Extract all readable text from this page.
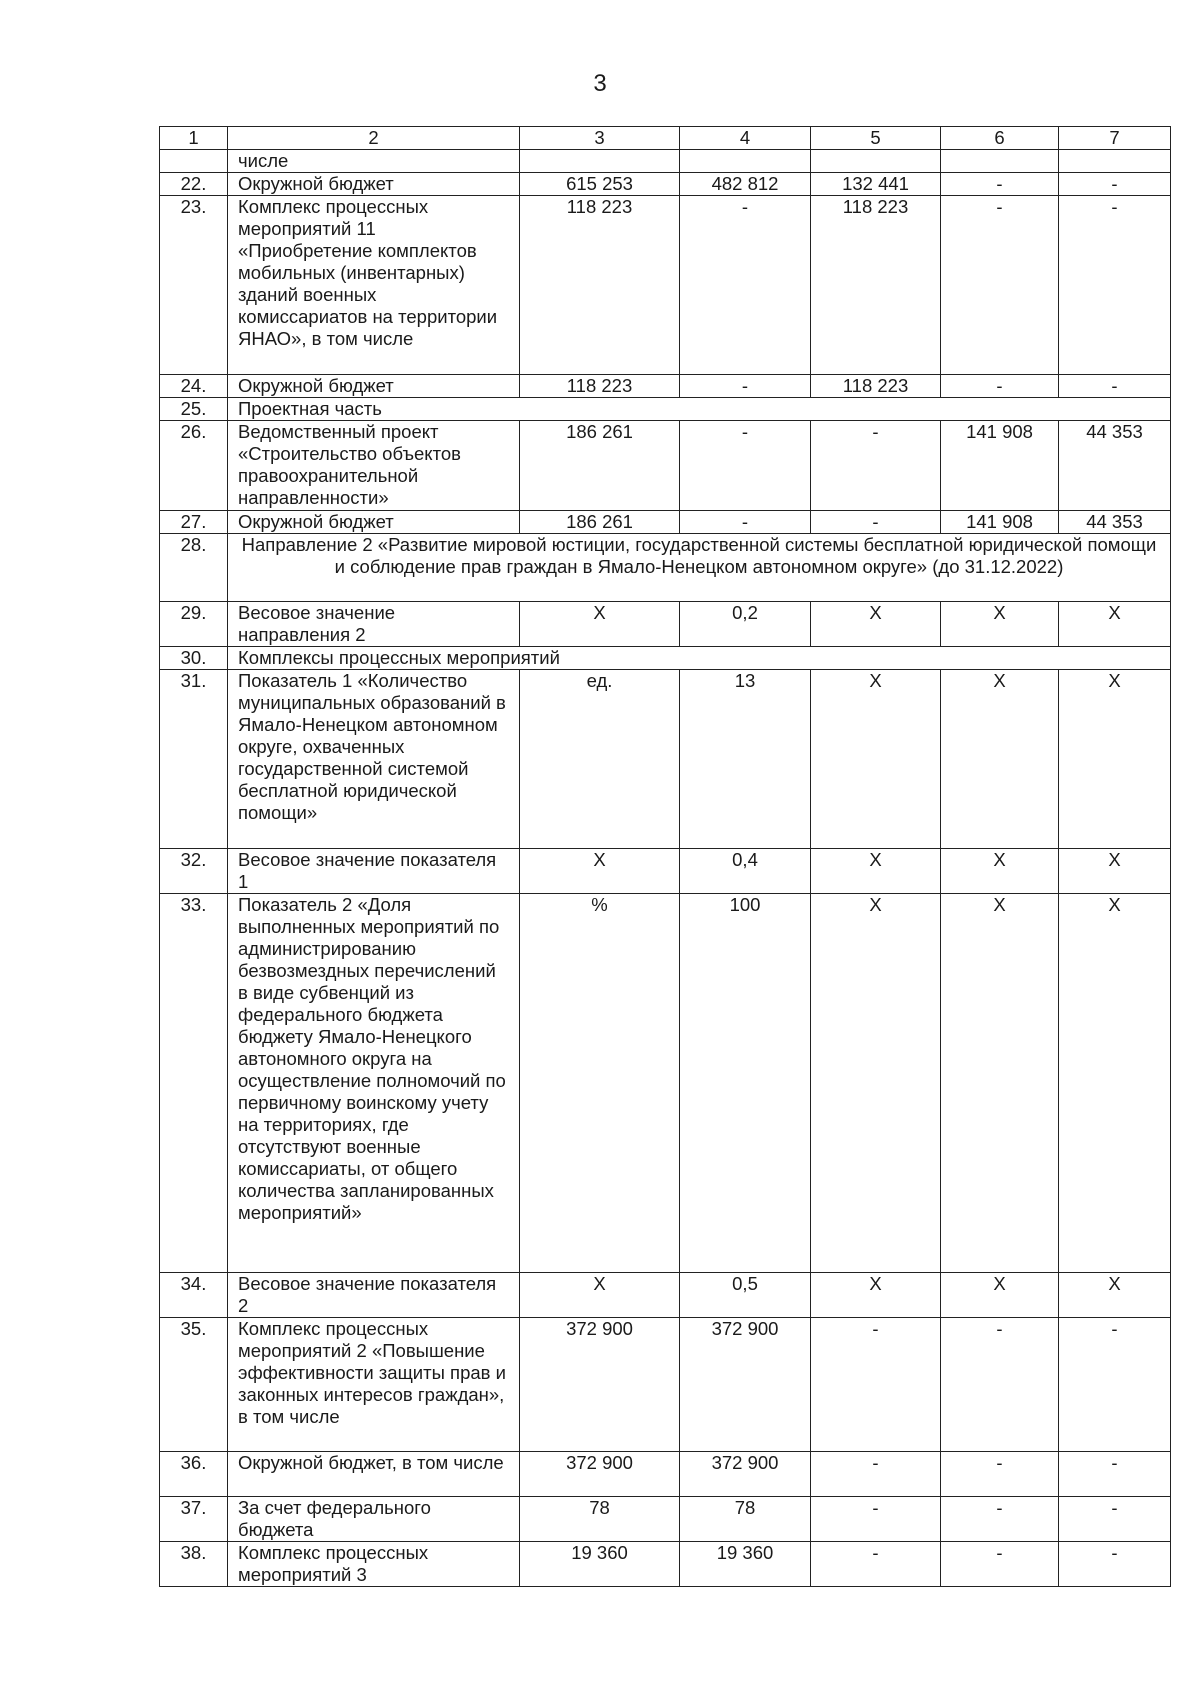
3
1	2	3	4	5	6	7
	числе					
22.	Окружной бюджет	615 253	482 812	132 441	-	-
23.	Комплекс процессных мероприятий 11 «Приобретение комплектов мобильных (инвентарных) зданий военных комиссариатов на территории ЯНАО», в том числе	118 223	-	118 223	-	-
24.	Окружной бюджет	118 223	-	118 223	-	-
25.	Проектная часть					
26.	Ведомственный проект «Строительство объектов правоохранительной направленности»	186 261	-	-	141 908	44 353
27.	Окружной бюджет	186 261	-	-	141 908	44 353
28.	Направление 2 «Развитие мировой юстиции, государственной системы бесплатной юридической помощи и соблюдение прав граждан в Ямало-Ненецком автономном округе» (до 31.12.2022)					
29.	Весовое значение направления 2	X	0,2	X	X	X
30.	Комплексы процессных мероприятий					
31.	Показатель 1 «Количество муниципальных образований в Ямало-Ненецком автономном округе, охваченных государственной системой бесплатной юридической помощи»	ед.	13	X	X	X
32.	Весовое значение показателя 1	X	0,4	X	X	X
33.	Показатель 2 «Доля выполненных мероприятий по администрированию безвозмездных перечислений в виде субвенций из федерального бюджета бюджету Ямало-Ненецкого автономного округа на осуществление полномочий по первичному воинскому учету на территориях, где отсутствуют военные комиссариаты, от общего количества запланированных мероприятий»	%	100	X	X	X
34.	Весовое значение показателя 2	X	0,5	X	X	X
35.	Комплекс процессных мероприятий 2 «Повышение эффективности защиты прав и законных интересов граждан», в том числе	372 900	372 900	-	-	-
36.	Окружной бюджет, в том числе	372 900	372 900	-	-	-
37.	За счет федерального бюджета	78	78	-	-	-
38.	Комплекс процессных мероприятий 3	19 360	19 360	-	-	-
